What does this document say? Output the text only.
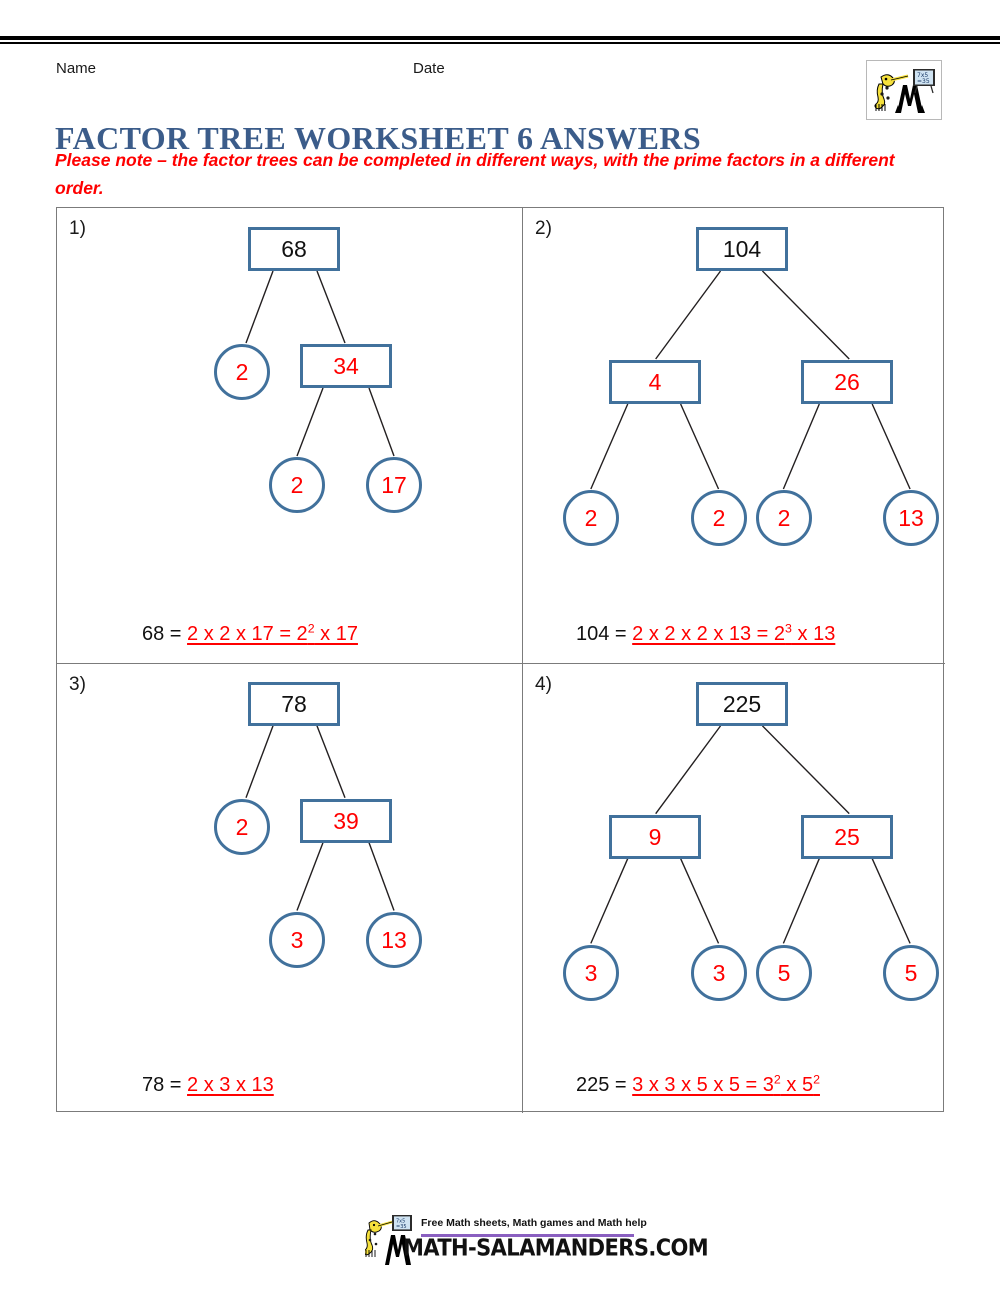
Name	Date
FACTOR TREE WORKSHEET 6 ANSWERS
Please note – the factor trees can be completed in different ways, with the prime factors in a different order.
7x5
=35
1)
68
2	34
2	17
68 = 2 x 2 x $17 = 2^2$ x 17
2)
104
4	26
2	2	2	13
104 = 2 x 2 x 2 x $13 = 2^3$ x 13
3)
78
2	39
3	13
78 = 2 x 3 x 13
4)
225
9	25
3	3	5	5
225 = 3 x 3 x 5 x $5 = 3^2$ x $5^2$
7x5
=35 Free Math sheets, Math games and Math help
MATH-SALAMANDERS.COM
